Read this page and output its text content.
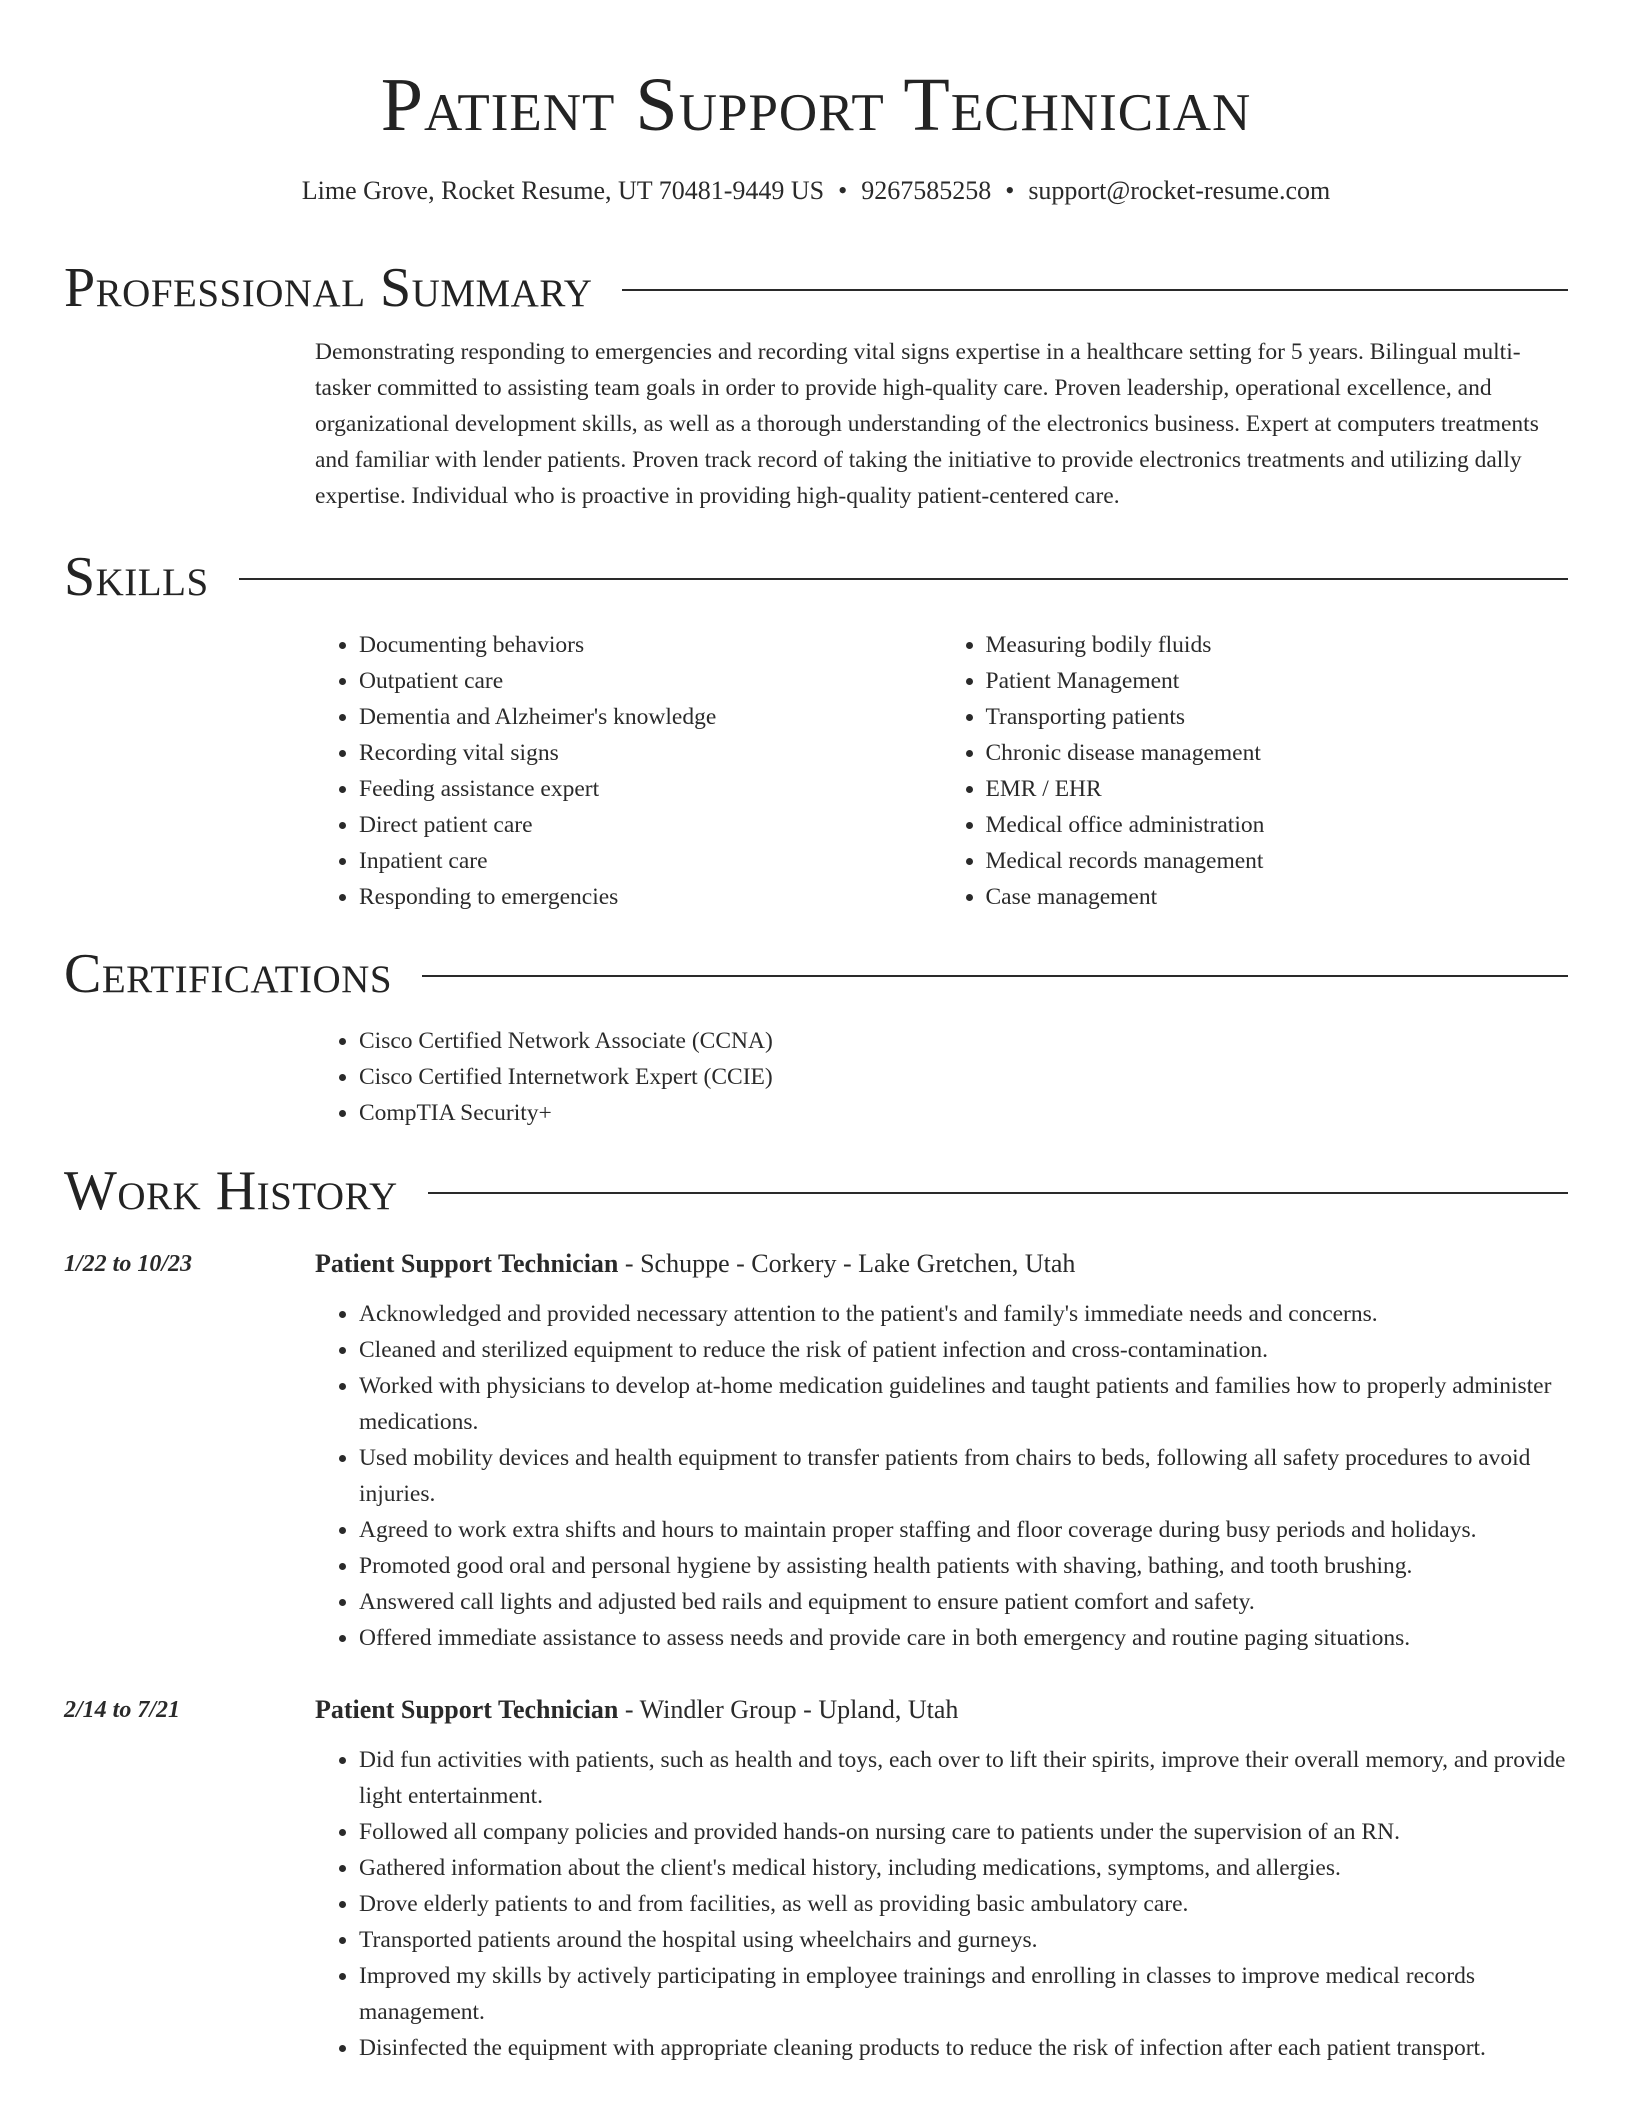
Patient Support Technician
Lime Grove, Rocket Resume, UT 70481-9449 US • 9267585258 • support@rocket-resume.com
Professional Summary

Demonstrating responding to emergencies and recording vital signs expertise in a healthcare setting for 5 years. Bilingual multi-tasker committed to assisting team goals in order to provide high-quality care. Proven leadership, operational excellence, and organizational development skills, as well as a thorough understanding of the electronics business. Expert at computers treatments and familiar with lender patients. Proven track record of taking the initiative to provide electronics treatments and utilizing dally expertise. Individual who is proactive in providing high-quality patient-centered care.

Skills
• Documenting behaviors
• Outpatient care
• Dementia and Alzheimer's knowledge
• Recording vital signs
• Feeding assistance expert
• Direct patient care
• Inpatient care
• Responding to emergencies
• Measuring bodily fluids
• Patient Management
• Transporting patients
• Chronic disease management
• EMR / EHR
• Medical office administration
• Medical records management
• Case management
Certifications
• Cisco Certified Network Associate (CCNA)
• Cisco Certified Internetwork Expert (CCIE)
• CompTIA Security+
Work History
1/22 to 10/23	Patient Support Technician - Schuppe - Corkery - Lake Gretchen, Utah
• Acknowledged and provided necessary attention to the patient's and family's immediate needs and concerns.
• Cleaned and sterilized equipment to reduce the risk of patient infection and cross-contamination.
• Worked with physicians to develop at-home medication guidelines and taught patients and families how to properly administer medications.
• Used mobility devices and health equipment to transfer patients from chairs to beds, following all safety procedures to avoid injuries.
• Agreed to work extra shifts and hours to maintain proper staffing and floor coverage during busy periods and holidays.
• Promoted good oral and personal hygiene by assisting health patients with shaving, bathing, and tooth brushing.
• Answered call lights and adjusted bed rails and equipment to ensure patient comfort and safety.
• Offered immediate assistance to assess needs and provide care in both emergency and routine paging situations.
2/14 to 7/21	Patient Support Technician - Windler Group - Upland, Utah
• Did fun activities with patients, such as health and toys, each over to lift their spirits, improve their overall memory, and provide light entertainment.
• Followed all company policies and provided hands-on nursing care to patients under the supervision of an RN.
• Gathered information about the client's medical history, including medications, symptoms, and allergies.
• Drove elderly patients to and from facilities, as well as providing basic ambulatory care.
• Transported patients around the hospital using wheelchairs and gurneys.
• Improved my skills by actively participating in employee trainings and enrolling in classes to improve medical records management.
• Disinfected the equipment with appropriate cleaning products to reduce the risk of infection after each patient transport.
